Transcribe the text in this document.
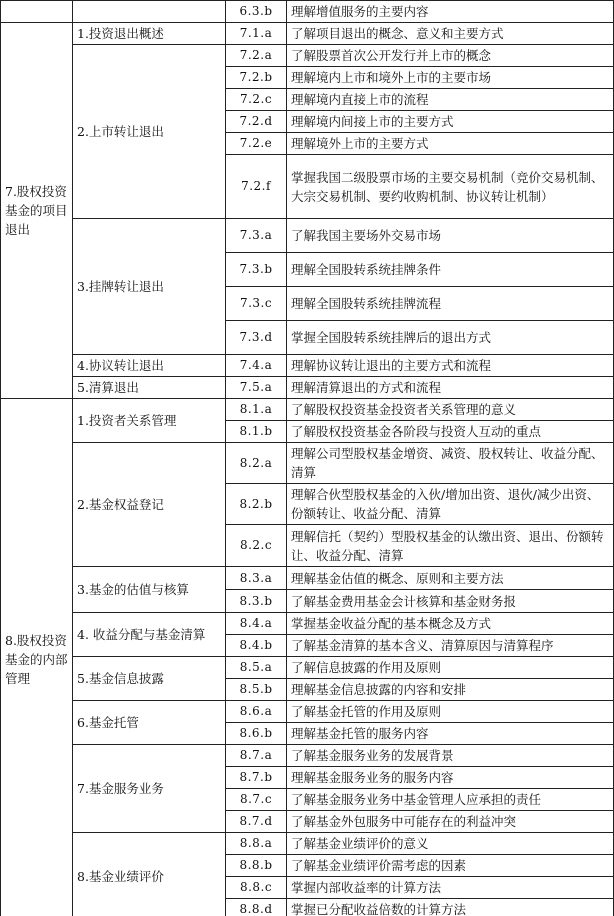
		6.3.b	理解增值服务的主要内容
7.股权投资基金的项目退出	1.投资退出概述	7.1.a	了解项目退出的概念、意义和主要方式
	2.上市转让退出	7.2.a	了解股票首次公开发行并上市的概念
		7.2.b	理解境内上市和境外上市的主要市场
		7.2.c	理解境内直接上市的流程
		7.2.d	理解境内间接上市的主要方式
		7.2.e	理解境外上市的主要方式
		7.2.f	掌握我国二级股票市场的主要交易机制（竞价交易机制、大宗交易机制、要约收购机制、协议转让机制）
	3.挂牌转让退出	7.3.a	了解我国主要场外交易市场
		7.3.b	理解全国股转系统挂牌条件
		7.3.c	理解全国股转系统挂牌流程
		7.3.d	掌握全国股转系统挂牌后的退出方式
	4.协议转让退出	7.4.a	理解协议转让退出的主要方式和流程
	5.清算退出	7.5.a	理解清算退出的方式和流程
8.股权投资基金的内部管理	1.投资者关系管理	8.1.a	了解股权投资基金投资者关系管理的意义
		8.1.b	了解股权投资基金各阶段与投资人互动的重点
	2.基金权益登记	8.2.a	理解公司型股权基金增资、减资、股权转让、收益分配、清算
		8.2.b	理解合伙型股权基金的入伙/增加出资、退伙/减少出资、份额转让、收益分配、清算
		8.2.c	理解信托（契约）型股权基金的认缴出资、退出、份额转让、收益分配、清算
	3.基金的估值与核算	8.3.a	理解基金估值的概念、原则和主要方法
		8.3.b	了解基金费用基金会计核算和基金财务报
	4. 收益分配与基金清算	8.4.a	掌握基金收益分配的基本概念及方式
		8.4.b	了解基金清算的基本含义、清算原因与清算程序
	5.基金信息披露	8.5.a	了解信息披露的作用及原则
		8.5.b	理解基金信息披露的内容和安排
	6.基金托管	8.6.a	了解基金托管的作用及原则
		8.6.b	理解基金托管的服务内容
	7.基金服务业务	8.7.a	了解基金服务业务的发展背景
		8.7.b	理解基金服务业务的服务内容
		8.7.c	了解基金服务业务中基金管理人应承担的责任
		8.7.d	了解基金外包服务中可能存在的利益冲突
	8.基金业绩评价	8.8.a	了解基金业绩评价的意义
		8.8.b	了解基金业绩评价需考虑的因素
		8.8.c	掌握内部收益率的计算方法
		8.8.d	掌握已分配收益倍数的计算方法
